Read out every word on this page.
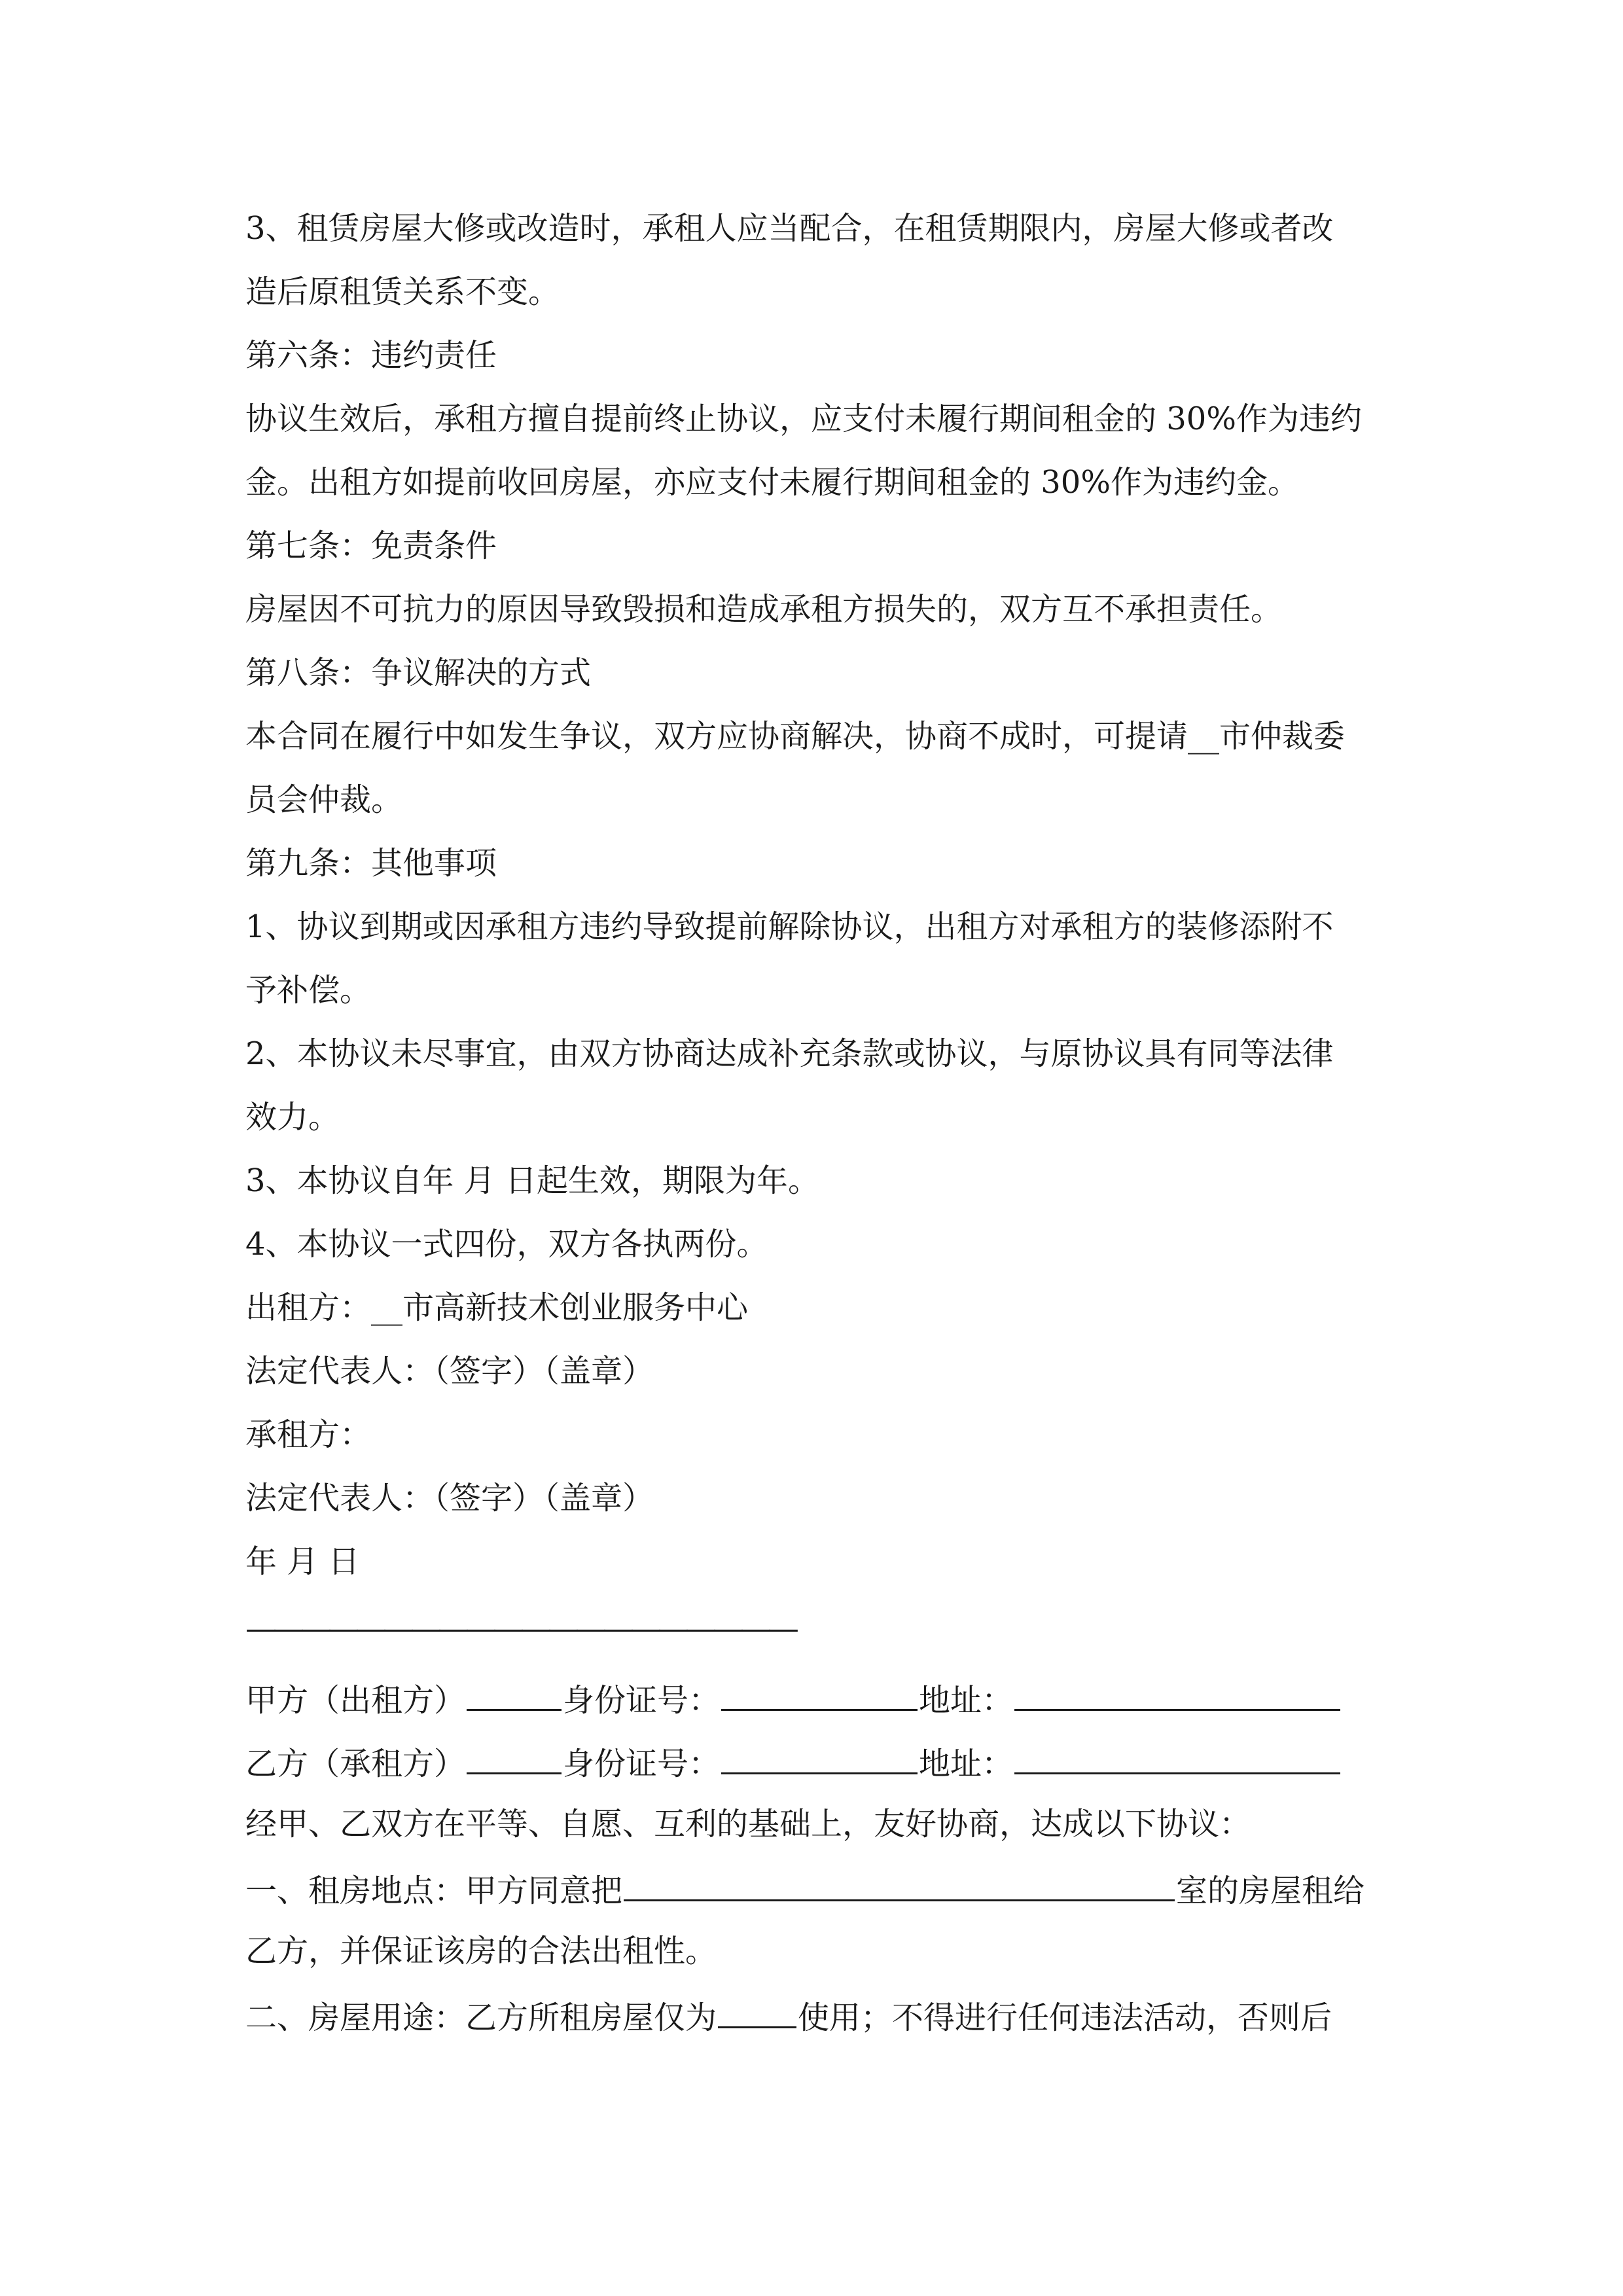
3、租赁房屋大修或改造时，承租人应当配合，在租赁期限内，房屋大修或者改
造后原租赁关系不变。
第六条：违约责任
协议生效后，承租方擅自提前终止协议，应支付未履行期间租金的 30%作为违约
金。出租方如提前收回房屋，亦应支付未履行期间租金的 30%作为违约金。
第七条：免责条件
房屋因不可抗力的原因导致毁损和造成承租方损失的，双方互不承担责任。
第八条：争议解决的方式
本合同在履行中如发生争议，双方应协商解决，协商不成时，可提请__市仲裁委
员会仲裁。
第九条：其他事项
1、协议到期或因承租方违约导致提前解除协议，出租方对承租方的装修添附不
予补偿。
2、本协议未尽事宜，由双方协商达成补充条款或协议，与原协议具有同等法律
效力。
3、本协议自年 月 日起生效，期限为年。
4、本协议一式四份，双方各执两份。
出租方：__市高新技术创业服务中心
法定代表人：（签字）（盖章）
承租方：
法定代表人：（签字）（盖章）
年 月 日
————————————————————
甲方（出租方）	身份证号：	地址：
乙方（承租方）	身份证号：	地址：
经甲、乙双方在平等、自愿、互利的基础上，友好协商，达成以下协议：
一、租房地点：甲方同意把	室的房屋租给
乙方，并保证该房的合法出租性。
二、房屋用途：乙方所租房屋仅为	使用；不得进行任何违法活动，否则后
